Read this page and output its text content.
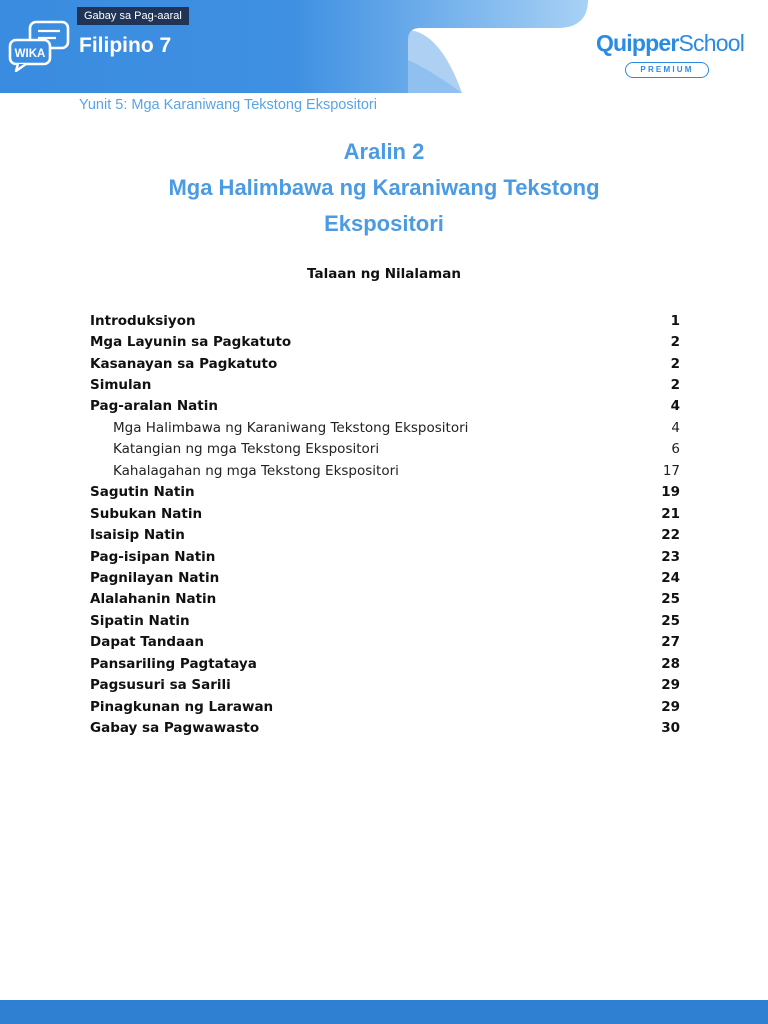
WIKA
Gabay sa Pag-aaral
Filipino 7	QuipperSchool
PREMIUM
Yunit 5: Mga Karaniwang Tekstong Ekspositori
Aralin 2
Mga Halimbawa ng Karaniwang Tekstong
Ekspositori
Talaan ng Nilalaman
Introduksiyon	1
Mga Layunin sa Pagkatuto	2
Kasanayan sa Pagkatuto	2
Simulan	2
Pag-aralan Natin	4
Mga Halimbawa ng Karaniwang Tekstong Ekspositori	4
Katangian ng mga Tekstong Ekspositori	6
Kahalagahan ng mga Tekstong Ekspositori	17
Sagutin Natin	19
Subukan Natin	21
Isaisip Natin	22
Pag-isipan Natin	23
Pagnilayan Natin	24
Alalahanin Natin	25
Sipatin Natin	25
Dapat Tandaan	27
Pansariling Pagtataya	28
Pagsusuri sa Sarili	29
Pinagkunan ng Larawan	29
Gabay sa Pagwawasto	30
